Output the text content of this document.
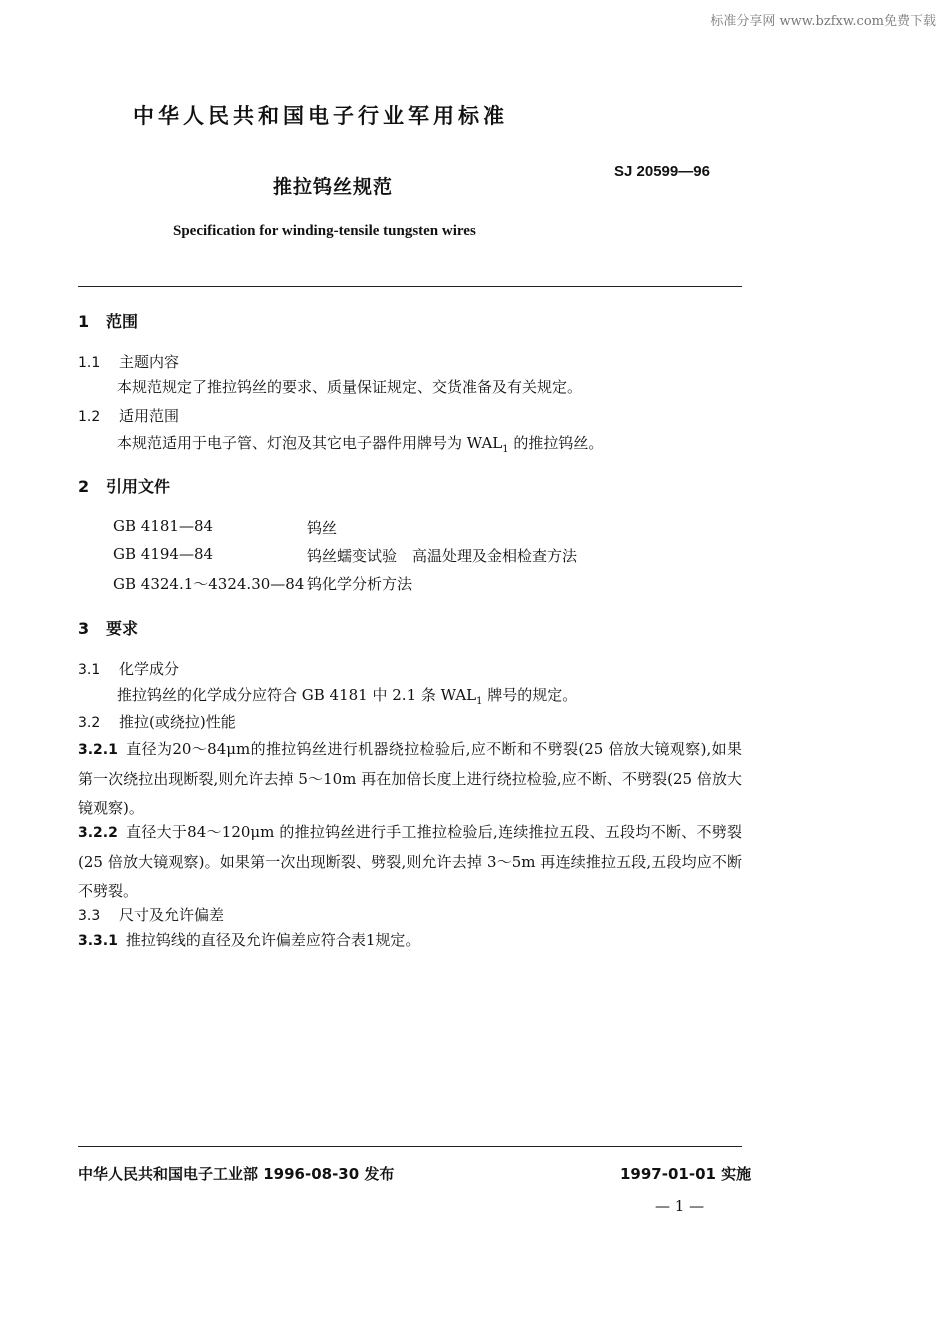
标准分享网 www.bzfxw.com免费下载
中华人民共和国电子行业军用标准
推拉钨丝规范
SJ 20599—96
Specification for winding-tensile tungsten wires
1 范围
1.1 主题内容
本规范规定了推拉钨丝的要求、质量保证规定、交货准备及有关规定。
1.2 适用范围
本规范适用于电子管、灯泡及其它电子器件用牌号为 $WAL_1$ 的推拉钨丝。
2 引用文件
GB 4181—84	钨丝
GB 4194—84	钨丝蠕变试验　高温处理及金相检查方法
GB 4324.1～4324.30—84 钨化学分析方法
3 要求
3.1 化学成分
推拉钨丝的化学成分应符合 GB 4181 中 2.1 条 $WAL_1$ 牌号的规定。
3.2 推拉(或绕拉)性能
3.2.1 直径为20～84μm的推拉钨丝进行机器绕拉检验后,应不断和不劈裂(25 倍放大镜观察),如果第一次绕拉出现断裂,则允许去掉 5～10m 再在加倍长度上进行绕拉检验,应不断、不劈裂(25 倍放大镜观察)。
3.2.2 直径大于84～120μm 的推拉钨丝进行手工推拉检验后,连续推拉五段、五段均不断、不劈裂(25 倍放大镜观察)。如果第一次出现断裂、劈裂,则允许去掉 3～5m 再连续推拉五段,五段均应不断不劈裂。
3.3 尺寸及允许偏差
3.3.1 推拉钨线的直径及允许偏差应符合表1规定。
中华人民共和国电子工业部 1996-08-30 发布	1997-01-01 实施
— 1 —
